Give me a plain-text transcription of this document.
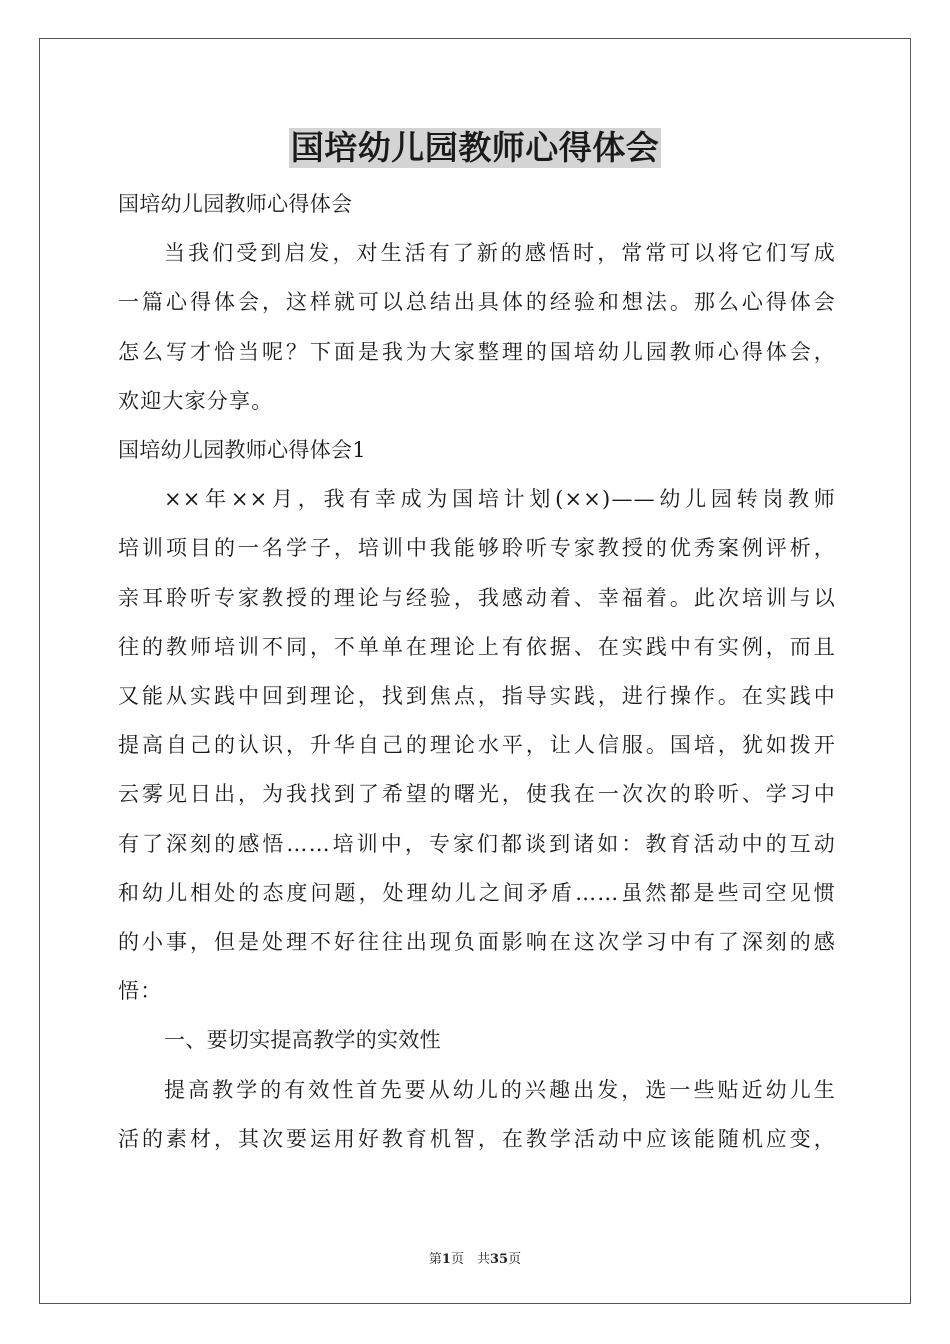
国培幼儿园教师心得体会
国培幼儿园教师心得体会
当我们受到启发，对生活有了新的感悟时，常常可以将它们写成
一篇心得体会，这样就可以总结出具体的经验和想法。那么心得体会
怎么写才恰当呢？下面是我为大家整理的国培幼儿园教师心得体会，
欢迎大家分享。
国培幼儿园教师心得体会1
××年××月，我有幸成为国培计划(××)——幼儿园转岗教师
培训项目的一名学子，培训中我能够聆听专家教授的优秀案例评析，
亲耳聆听专家教授的理论与经验，我感动着、幸福着。此次培训与以
往的教师培训不同，不单单在理论上有依据、在实践中有实例，而且
又能从实践中回到理论，找到焦点，指导实践，进行操作。在实践中
提高自己的认识，升华自己的理论水平，让人信服。国培，犹如拨开
云雾见日出，为我找到了希望的曙光，使我在一次次的聆听、学习中
有了深刻的感悟……培训中，专家们都谈到诸如：教育活动中的互动
和幼儿相处的态度问题，处理幼儿之间矛盾……虽然都是些司空见惯
的小事，但是处理不好往往出现负面影响在这次学习中有了深刻的感
悟：
一、要切实提高教学的实效性
提高教学的有效性首先要从幼儿的兴趣出发，选一些贴近幼儿生
活的素材，其次要运用好教育机智，在教学活动中应该能随机应变，
第1页　共35页
